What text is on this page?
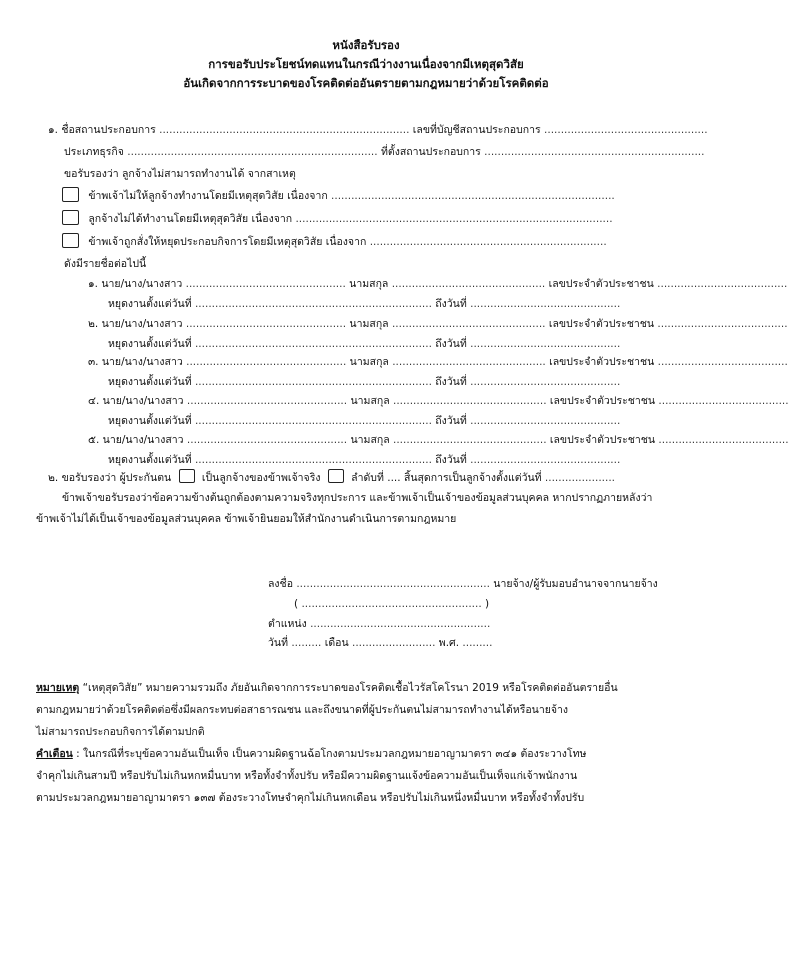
หนังสือรับรอง
การขอรับประโยชน์ทดแทนในกรณีว่างงานเนื่องจากมีเหตุสุดวิสัย
อันเกิดจากการระบาดของโรคติดต่ออันตรายตามกฎหมายว่าด้วยโรคติดต่อ
๑. ชื่อสถานประกอบการ ........................................................................... เลขที่บัญชีสถานประกอบการ .................................................
ประเภทธุรกิจ ........................................................................... ที่ตั้งสถานประกอบการ ..................................................................
ขอรับรองว่า ลูกจ้างไม่สามารถทำงานได้ จากสาเหตุ
ข้าพเจ้าไม่ให้ลูกจ้างทำงานโดยมีเหตุสุดวิสัย เนื่องจาก .....................................................................................
ลูกจ้างไม่ได้ทำงานโดยมีเหตุสุดวิสัย เนื่องจาก ...............................................................................................
ข้าพเจ้าถูกสั่งให้หยุดประกอบกิจการโดยมีเหตุสุดวิสัย เนื่องจาก .......................................................................
ดังมีรายชื่อต่อไปนี้
๑. นาย/นาง/นางสาว ................................................ นามสกุล .............................................. เลขประจำตัวประชาชน .......................................
หยุดงานตั้งแต่วันที่ ....................................................................... ถึงวันที่ .............................................
๒. นาย/นาง/นางสาว ................................................ นามสกุล .............................................. เลขประจำตัวประชาชน .......................................
หยุดงานตั้งแต่วันที่ ....................................................................... ถึงวันที่ .............................................
๓. นาย/นาง/นางสาว ................................................ นามสกุล .............................................. เลขประจำตัวประชาชน .......................................
หยุดงานตั้งแต่วันที่ ....................................................................... ถึงวันที่ .............................................
๔. นาย/นาง/นางสาว ................................................ นามสกุล .............................................. เลขประจำตัวประชาชน .......................................
หยุดงานตั้งแต่วันที่ ....................................................................... ถึงวันที่ .............................................
๕. นาย/นาง/นางสาว ................................................ นามสกุล .............................................. เลขประจำตัวประชาชน .......................................
หยุดงานตั้งแต่วันที่ ....................................................................... ถึงวันที่ .............................................
๒. ขอรับรองว่า ผู้ประกันตน	เป็นลูกจ้างของข้าพเจ้าจริง	ลำดับที่ .... สิ้นสุดการเป็นลูกจ้างตั้งแต่วันที่ .....................
ข้าพเจ้าขอรับรองว่าข้อความข้างต้นถูกต้องตามความจริงทุกประการ และข้าพเจ้าเป็นเจ้าของข้อมูลส่วนบุคคล หากปรากฏภายหลังว่า
ข้าพเจ้าไม่ได้เป็นเจ้าของข้อมูลส่วนบุคคล ข้าพเจ้ายินยอมให้สำนักงานดำเนินการตามกฎหมาย
ลงชื่อ .......................................................... นายจ้าง/ผู้รับมอบอำนาจจากนายจ้าง
( ...................................................... )
ตำแหน่ง ......................................................
วันที่ ......... เดือน ......................... พ.ศ. .........
หมายเหตุ “เหตุสุดวิสัย” หมายความรวมถึง ภัยอันเกิดจากการระบาดของโรคติดเชื้อไวรัสโคโรนา 2019 หรือโรคติดต่ออันตรายอื่น
ตามกฎหมายว่าด้วยโรคติดต่อซึ่งมีผลกระทบต่อสาธารณชน และถึงขนาดที่ผู้ประกันตนไม่สามารถทำงานได้หรือนายจ้าง
ไม่สามารถประกอบกิจการได้ตามปกติ
คำเตือน : ในกรณีที่ระบุข้อความอันเป็นเท็จ เป็นความผิดฐานฉ้อโกงตามประมวลกฎหมายอาญามาตรา ๓๔๑ ต้องระวางโทษ
จำคุกไม่เกินสามปี หรือปรับไม่เกินหกหมื่นบาท หรือทั้งจำทั้งปรับ หรือมีความผิดฐานแจ้งข้อความอันเป็นเท็จแก่เจ้าพนักงาน
ตามประมวลกฎหมายอาญามาตรา ๑๓๗ ต้องระวางโทษจำคุกไม่เกินหกเดือน หรือปรับไม่เกินหนึ่งหมื่นบาท หรือทั้งจำทั้งปรับ
